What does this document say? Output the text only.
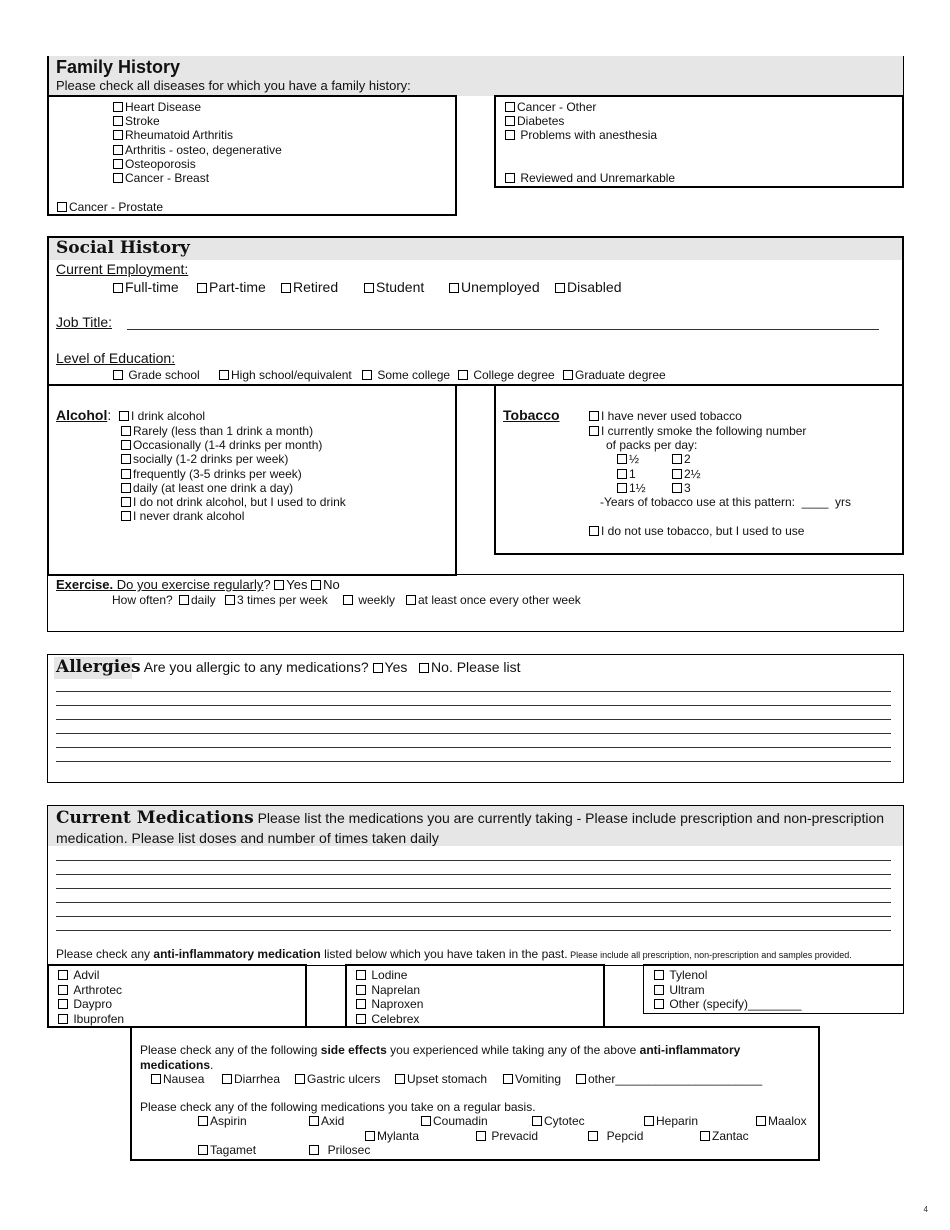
Family History
Please check all diseases for which you have a family history:
Heart Disease
Stroke
Rheumatoid Arthritis
Arthritis - osteo, degenerative
Osteoporosis
Cancer - Breast
Cancer - Prostate
Cancer - Other
Diabetes
Problems with anesthesia
Reviewed and Unremarkable
Social History
Current Employment:
Full-time	Part-time	Retired	Student	Unemployed	Disabled
Job Title:
Level of Education:
Grade school	High school/equivalent	Some college	College degree	Graduate degree
Alcohol:	I drink alcohol
Rarely (less than 1 drink a month)
Occasionally (1-4 drinks per month)
socially (1-2 drinks per week)
frequently (3-5 drinks per week)
daily (at least one drink a day)
I do not drink alcohol, but I used to drink
I never drank alcohol
Tobacco	I have never used tobacco
I currently smoke the following number
of packs per day:
½	2
1	2½
1½	3
-Years of tobacco use at this pattern:  ____  yrs
I do not use tobacco, but I used to use
Exercise. Do you exercise regularly? Yes No
How often?	daily	3 times per week	weekly	at least once every other week
Allergies Are you allergic to any medications? Yes No. Please list
Current Medications Please list the medications you are currently taking - Please include prescription and non-prescription
medication. Please list doses and number of times taken daily
Please check any anti-inflammatory medication listed below which you have taken in the past. Please include all prescription, non-prescription and samples provided.
Advil
Arthrotec
Daypro
Ibuprofen
Lodine
Naprelan
Naproxen
Celebrex
Tylenol
Ultram
Other (specify)________
Please check any of the following side effects you experienced while taking any of the above anti-inflammatory
medications.
Nausea	Diarrhea	Gastric ulcers	Upset stomach	Vomiting	other______________________
Please check any of the following medications you take on a regular basis.
Aspirin	Axid	Coumadin	Cytotec	Heparin	Maalox
Mylanta	Prevacid	Pepcid	Zantac
Tagamet	Prilosec
4
